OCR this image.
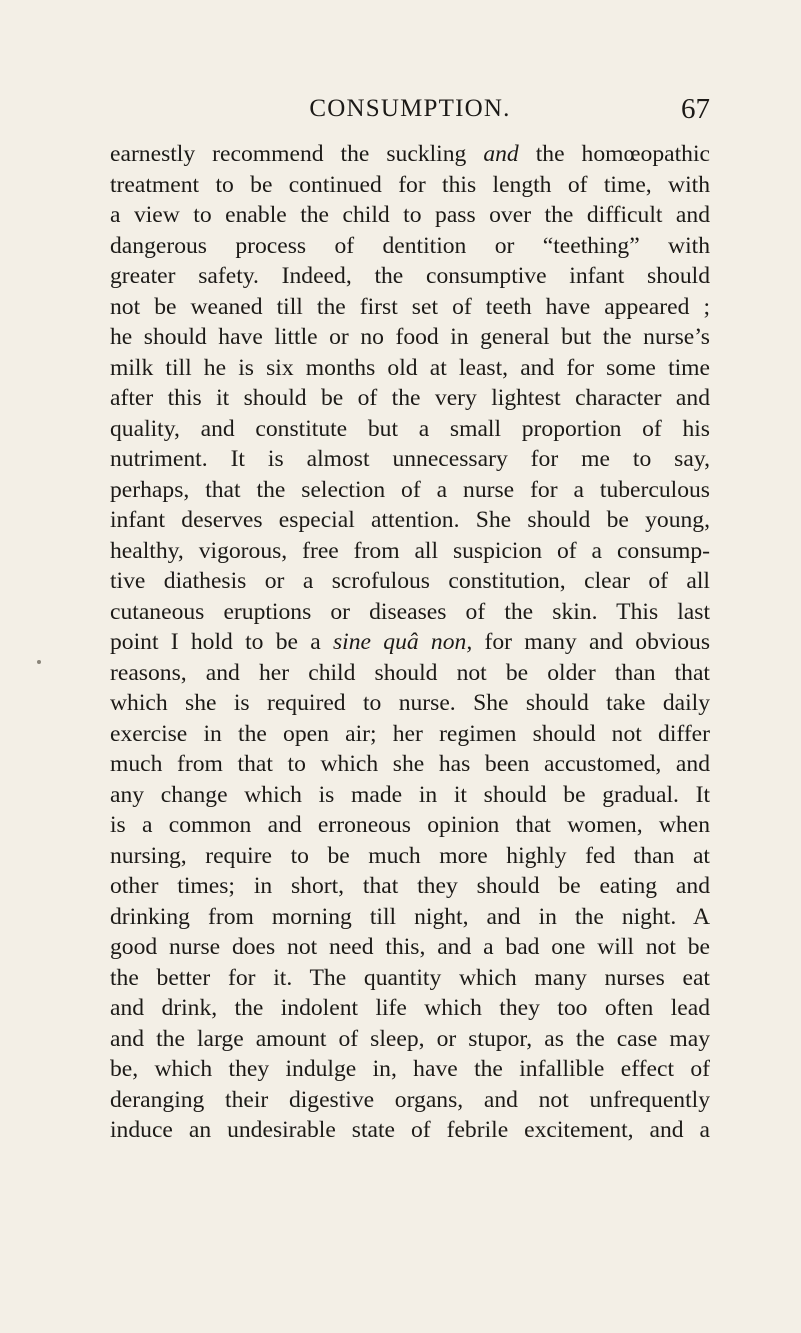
CONSUMPTION.	67
earnestly recommend the suckling and the homœopathic
treatment to be continued for this length of time, with
a view to enable the child to pass over the difficult and
dangerous process of dentition or “teething” with
greater safety. Indeed, the consumptive infant should
not be weaned till the first set of teeth have appeared ;
he should have little or no food in general but the nurse’s
milk till he is six months old at least, and for some time
after this it should be of the very lightest character and
quality, and constitute but a small proportion of his
nutriment. It is almost unnecessary for me to say,
perhaps, that the selection of a nurse for a tuberculous
infant deserves especial attention. She should be young,
healthy, vigorous, free from all suspicion of a consump-
tive diathesis or a scrofulous constitution, clear of all
cutaneous eruptions or diseases of the skin. This last
point I hold to be a sine quâ non, for many and obvious
reasons, and her child should not be older than that
which she is required to nurse. She should take daily
exercise in the open air; her regimen should not differ
much from that to which she has been accustomed, and
any change which is made in it should be gradual. It
is a common and erroneous opinion that women, when
nursing, require to be much more highly fed than at
other times; in short, that they should be eating and
drinking from morning till night, and in the night. A
good nurse does not need this, and a bad one will not be
the better for it. The quantity which many nurses eat
and drink, the indolent life which they too often lead
and the large amount of sleep, or stupor, as the case may
be, which they indulge in, have the infallible effect of
deranging their digestive organs, and not unfrequently
induce an undesirable state of febrile excitement, and a
